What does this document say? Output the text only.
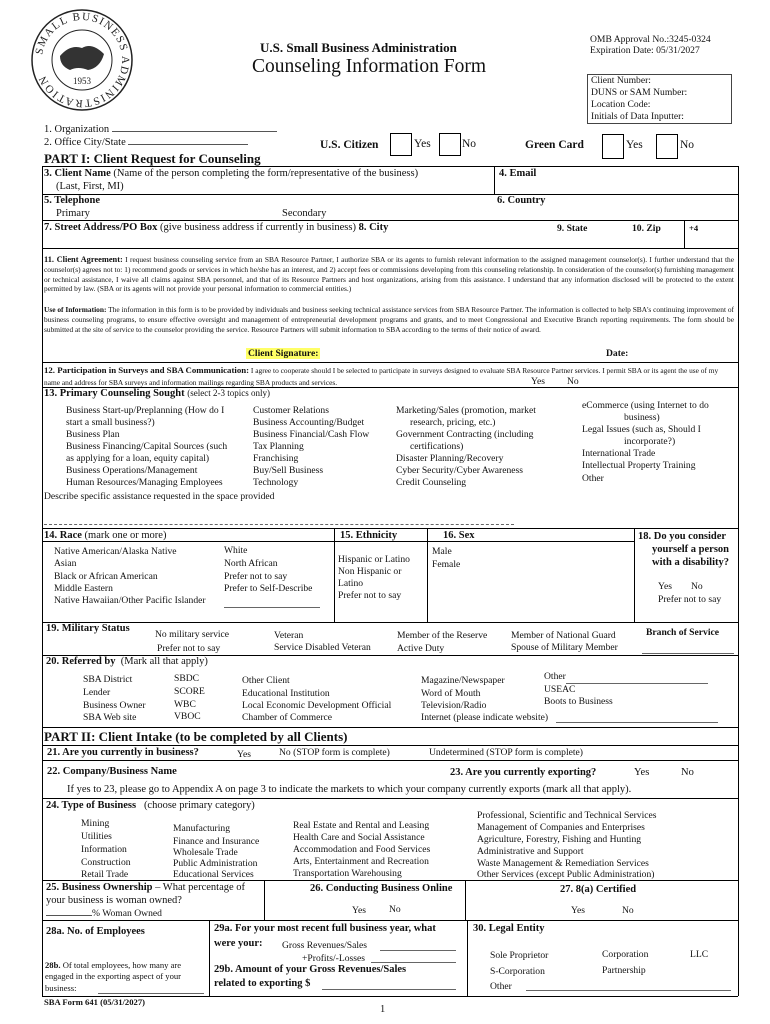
SMALL BUSINESS ADMINISTRATION	1953
U.S. Small Business Administration
Counseling Information Form
OMB Approval No.:3245-0324
Expiration Date: 05/31/2027
Client Number:
DUNS or SAM Number:
Location Code:
Initials of Data Inputter:
1. Organization
2. Office City/State	U.S. Citizen	Yes	No	Green Card	Yes	No
PART I: Client Request for Counseling
3. Client Name (Name of the person completing the form/representative of the business)
(Last, First, MI)
4. Email
5. Telephone	6. Country
Primary	Secondary
7. Street Address/PO Box (give business address if currently in business) 8. City	9. State	10. Zip	+4
11. Client Agreement: I request business counseling service from an SBA Resource Partner, I authorize SBA or its agents to furnish relevant information to the assigned management counselor(s). I further understand that the counselor(s) agrees not to: 1) recommend goods or services in which he/she has an interest, and 2) accept fees or commissions developing from this counseling relationship. In consideration of the counselor(s) furnishing management or technical assistance, I waive all claims against SBA personnel, and that of its Resource Partners and host organizations, arising from this assistance. I understand that any information disclosed will be protected to the extent permitted by law. (SBA or its agents will not provide your personal information to commercial entities.)
Use of Information: The information in this form is to be provided by individuals and business seeking technical assistance services from SBA Resource Partner. The information is collected to help SBA's continuing improvement of business counseling programs, to ensure effective oversight and management of entrepreneurial development programs and grants, and to meet Congressional and Executive Branch reporting requirements. The form should be submitted at the site of service to the counselor providing the service. Resource Partners will submit information to SBA according to the terms of their notice of award.
Client Signature:	Date:
12. Participation in Surveys and SBA Communication: I agree to cooperate should I be selected to participate in surveys designed to evaluate SBA Resource Partner services. I permit SBA or its agent the use of my name and address for SBA surveys and information mailings regarding SBA products and services.	Yes No
13. Primary Counseling Sought (select 2-3 topics only)
Business Start-up/Preplanning (How do I
start a small business?)
Business Plan
Business Financing/Capital Sources (such
as applying for a loan, equity capital)
Business Operations/Management
Human Resources/Managing Employees
Customer Relations
Business Accounting/Budget
Business Financial/Cash Flow
Tax Planning
Franchising
Buy/Sell Business
Technology
Marketing/Sales (promotion, market
research, pricing, etc.)
Government Contracting (including
certifications)
Disaster Planning/Recovery
Cyber Security/Cyber Awareness
Credit Counseling
eCommerce (using Internet to do
business)
Legal Issues (such as, Should I
incorporate?)
International Trade
Intellectual Property Training
Other
Describe specific assistance requested in the space provided
14. Race (mark one or more)	15. Ethnicity	16. Sex
Native American/Alaska Native
Asian
Black or African American
Middle Eastern
Native Hawaiian/Other Pacific Islander
White
North African
Prefer not to say
Prefer to Self-Describe
Hispanic or Latino
Non Hispanic or
Latino
Prefer not to say
Male
Female
18. Do you consider
yourself a person
with a disability?
Yes No
Prefer not to say
19. Military Status
No military service
Prefer not to say
Veteran
Service Disabled Veteran
Member of the Reserve
Active Duty
Member of National Guard
Spouse of Military Member
Branch of Service
20. Referred by (Mark all that apply)
SBA District
Lender
Business Owner
SBA Web site
SBDC
SCORE
WBC
VBOC
Other Client
Educational Institution
Local Economic Development Official
Chamber of Commerce
Magazine/Newspaper
Word of Mouth
Television/Radio
Internet (please indicate website)
Other
USEAC
Boots to Business
PART II: Client Intake (to be completed by all Clients)
21. Are you currently in business?	Yes	No (STOP form is complete)	Undetermined (STOP form is complete)
22. Company/Business Name	23. Are you currently exporting?	Yes	No
If yes to 23, please go to Appendix A on page 3 to indicate the markets to which your company currently exports (mark all that apply).
24. Type of Business (choose primary category)
Mining
Utilities
Information
Construction
Retail Trade
Manufacturing
Finance and Insurance
Wholesale Trade
Public Administration
Educational Services
Real Estate and Rental and Leasing
Health Care and Social Assistance
Accommodation and Food Services
Arts, Entertainment and Recreation
Transportation Warehousing
Professional, Scientific and Technical Services
Management of Companies and Enterprises
Agriculture, Forestry, Fishing and Hunting
Administrative and Support
Waste Management & Remediation Services
Other Services (except Public Administration)
25. Business Ownership – What percentage of
your business is woman owned?
% Woman Owned
26. Conducting Business Online
Yes No
27. 8(a) Certified
Yes	No
28a. No. of Employees
28b. Of total employees, how many are
engaged in the exporting aspect of your
business:
29a. For your most recent full business year, what
were your: Gross Revenues/Sales
+Profits/-Losses
29b. Amount of your Gross Revenues/Sales
related to exporting $
30. Legal Entity
Sole Proprietor	Corporation	LLC
S-Corporation	Partnership
Other
SBA Form 641 (05/31/2027)
1
